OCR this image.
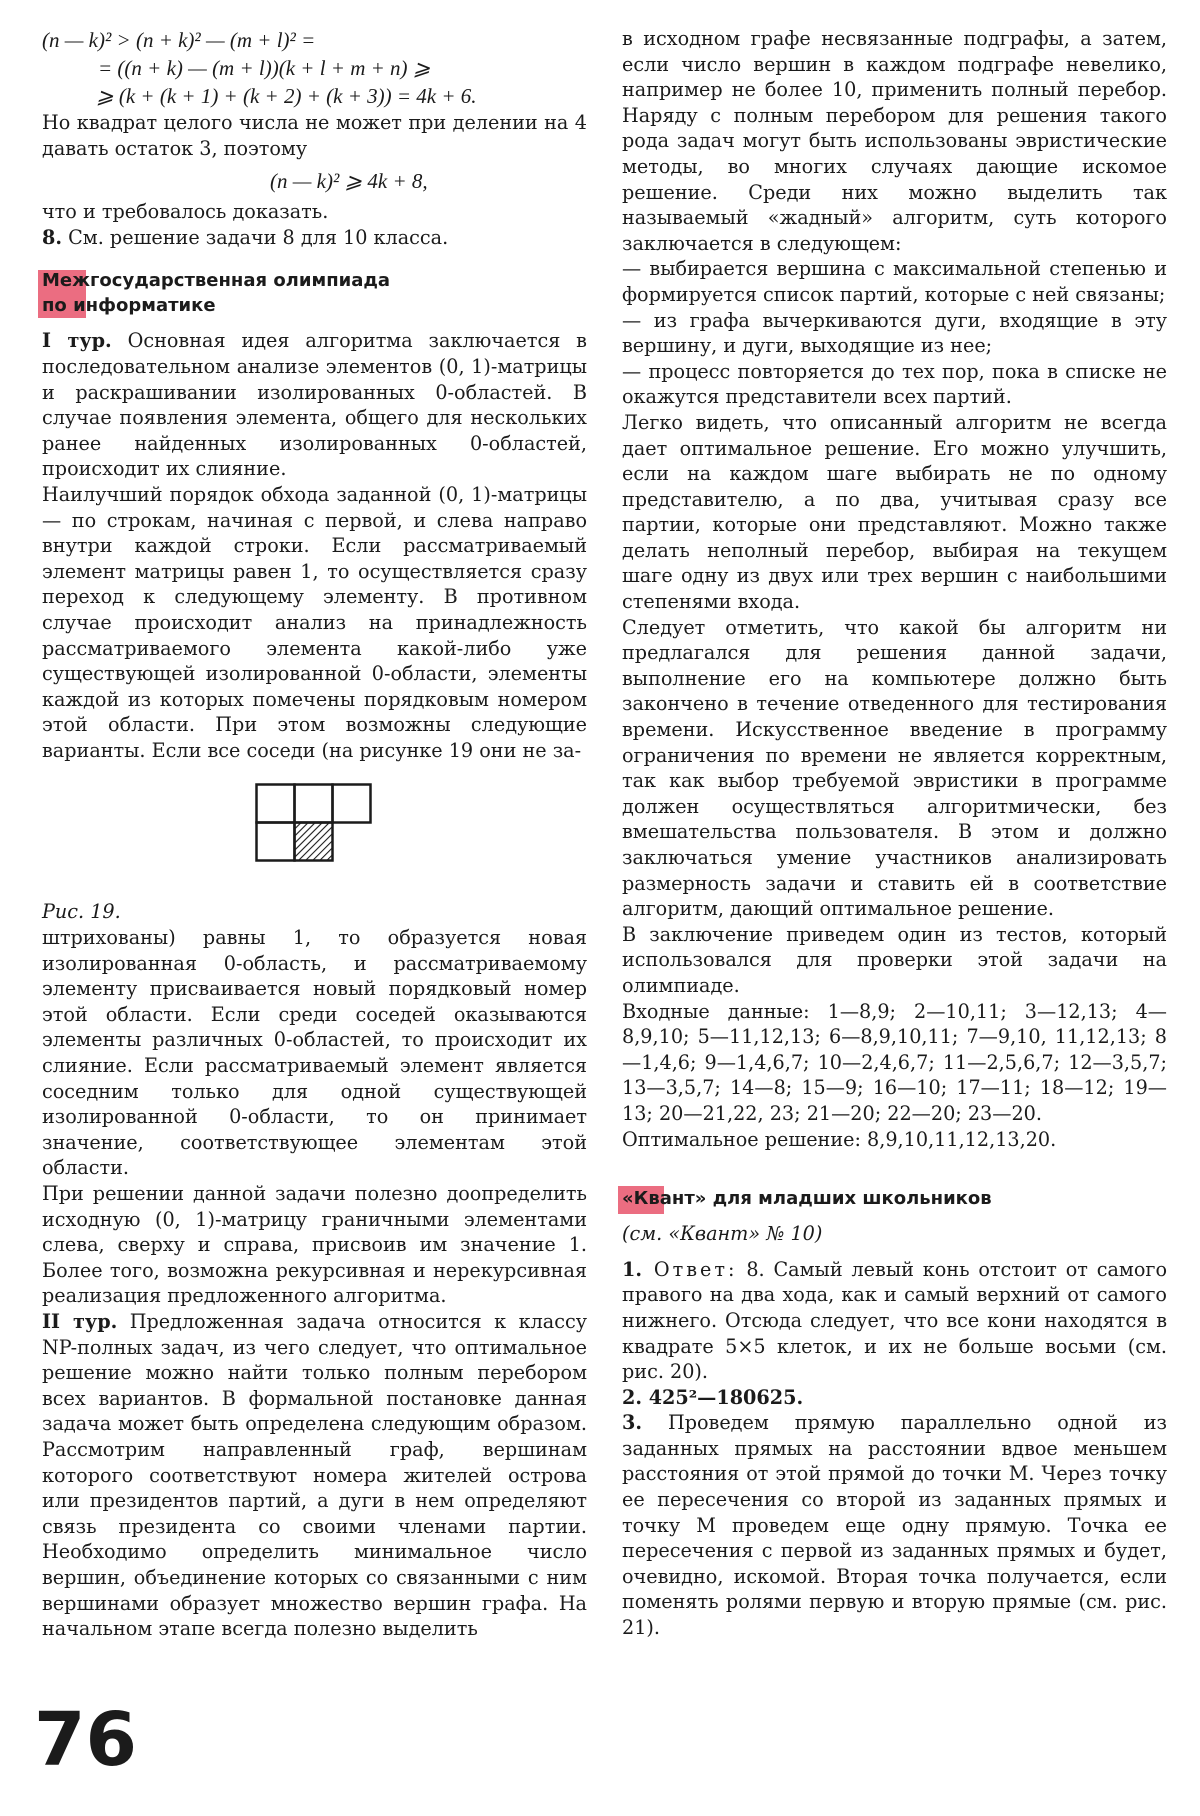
(n — k)² > (n + k)² — (m + l)² =
= ((n + k) — (m + l))(k + l + m + n) ⩾
⩾ (k + (k + 1) + (k + 2) + (k + 3)) = 4k + 6.

Но квадрат целого числа не может при делении на 4 давать остаток 3, поэтому

(n — k)² ⩾ 4k + 8,

что и требовалось доказать.

8. См. решение задачи 8 для 10 класса.

Межгосударственная олимпиада
по информатике

I тур. Основная идея алгоритма заключается в последовательном анализе элементов (0, 1)-матрицы и раскрашивании изолированных 0-областей. В случае появления элемента, общего для нескольких ранее найденных изолированных 0-областей, происходит их слияние.

Наилучший порядок обхода заданной (0, 1)-матрицы — по строкам, начиная с первой, и слева направо внутри каждой строки. Если рассматриваемый элемент матрицы равен 1, то осуществляется сразу переход к следующему элементу. В противном случае происходит анализ на принадлежность рассматриваемого элемента какой-либо уже существующей изолированной 0-области, элементы каждой из которых помечены порядковым номером этой области. При этом возможны следующие варианты. Если все соседи (на рисунке 19 они не за-

Рис. 19.

штрихованы) равны 1, то образуется новая изолированная 0-область, и рассматриваемому элементу присваивается новый порядковый номер этой области. Если среди соседей оказываются элементы различных 0-областей, то происходит их слияние. Если рассматриваемый элемент является соседним только для одной существующей изолированной 0-области, то он принимает значение, соответствующее элементам этой области.

При решении данной задачи полезно доопределить исходную (0, 1)-матрицу граничными элементами слева, сверху и справа, присвоив им значение 1. Более того, возможна рекурсивная и нерекурсивная реализация предложенного алгоритма.

II тур. Предложенная задача относится к классу NP-полных задач, из чего следует, что оптимальное решение можно найти только полным перебором всех вариантов. В формальной постановке данная задача может быть определена следующим образом. Рассмотрим направленный граф, вершинам которого соответствуют номера жителей острова или президентов партий, а дуги в нем определяют связь президента со своими членами партии. Необходимо определить минимальное число вершин, объединение которых со связанными с ним вершинами образует множество вершин графа. На начальном этапе всегда полезно выделить

в исходном графе несвязанные подграфы, а затем, если число вершин в каждом подграфе невелико, например не более 10, применить полный перебор. Наряду с полным перебором для решения такого рода задач могут быть использованы эвристические методы, во многих случаях дающие искомое решение. Среди них можно выделить так называемый «жадный» алгоритм, суть которого заключается в следующем:

— выбирается вершина с максимальной степенью и формируется список партий, которые с ней связаны;

— из графа вычеркиваются дуги, входящие в эту вершину, и дуги, выходящие из нее;

— процесс повторяется до тех пор, пока в списке не окажутся представители всех партий.

Легко видеть, что описанный алгоритм не всегда дает оптимальное решение. Его можно улучшить, если на каждом шаге выбирать не по одному представителю, а по два, учитывая сразу все партии, которые они представляют. Можно также делать неполный перебор, выбирая на текущем шаге одну из двух или трех вершин с наибольшими степенями входа.

Следует отметить, что какой бы алгоритм ни предлагался для решения данной задачи, выполнение его на компьютере должно быть закончено в течение отведенного для тестирования времени. Искусственное введение в программу ограничения по времени не является корректным, так как выбор требуемой эвристики в программе должен осуществляться алгоритмически, без вмешательства пользователя. В этом и должно заключаться умение участников анализировать размерность задачи и ставить ей в соответствие алгоритм, дающий оптимальное решение.

В заключение приведем один из тестов, который использовался для проверки этой задачи на олимпиаде.

Входные данные: 1—8,9; 2—10,11; 3—12,13; 4—8,9,10; 5—11,12,13; 6—8,9,10,11; 7—9,10, 11,12,13; 8—1,4,6; 9—1,4,6,7; 10—2,4,6,7; 11—2,5,6,7; 12—3,5,7; 13—3,5,7; 14—8; 15—9; 16—10; 17—11; 18—12; 19—13; 20—21,22, 23; 21—20; 22—20; 23—20.

Оптимальное решение: 8,9,10,11,12,13,20.

«Квант» для младших школьников

(см. «Квант» № 10)

1. Ответ: 8. Самый левый конь отстоит от самого правого на два хода, как и самый верхний от самого нижнего. Отсюда следует, что все кони находятся в квадрате 5×5 клеток, и их не больше восьми (см. рис. 20).

2. 425²—180625.

3. Проведем прямую параллельно одной из заданных прямых на расстоянии вдвое меньшем расстояния от этой прямой до точки M. Через точку ее пересечения со второй из заданных прямых и точку M проведем еще одну прямую. Точка ее пересечения с первой из заданных прямых и будет, очевидно, искомой. Вторая точка получается, если поменять ролями первую и вторую прямые (см. рис. 21).

76
